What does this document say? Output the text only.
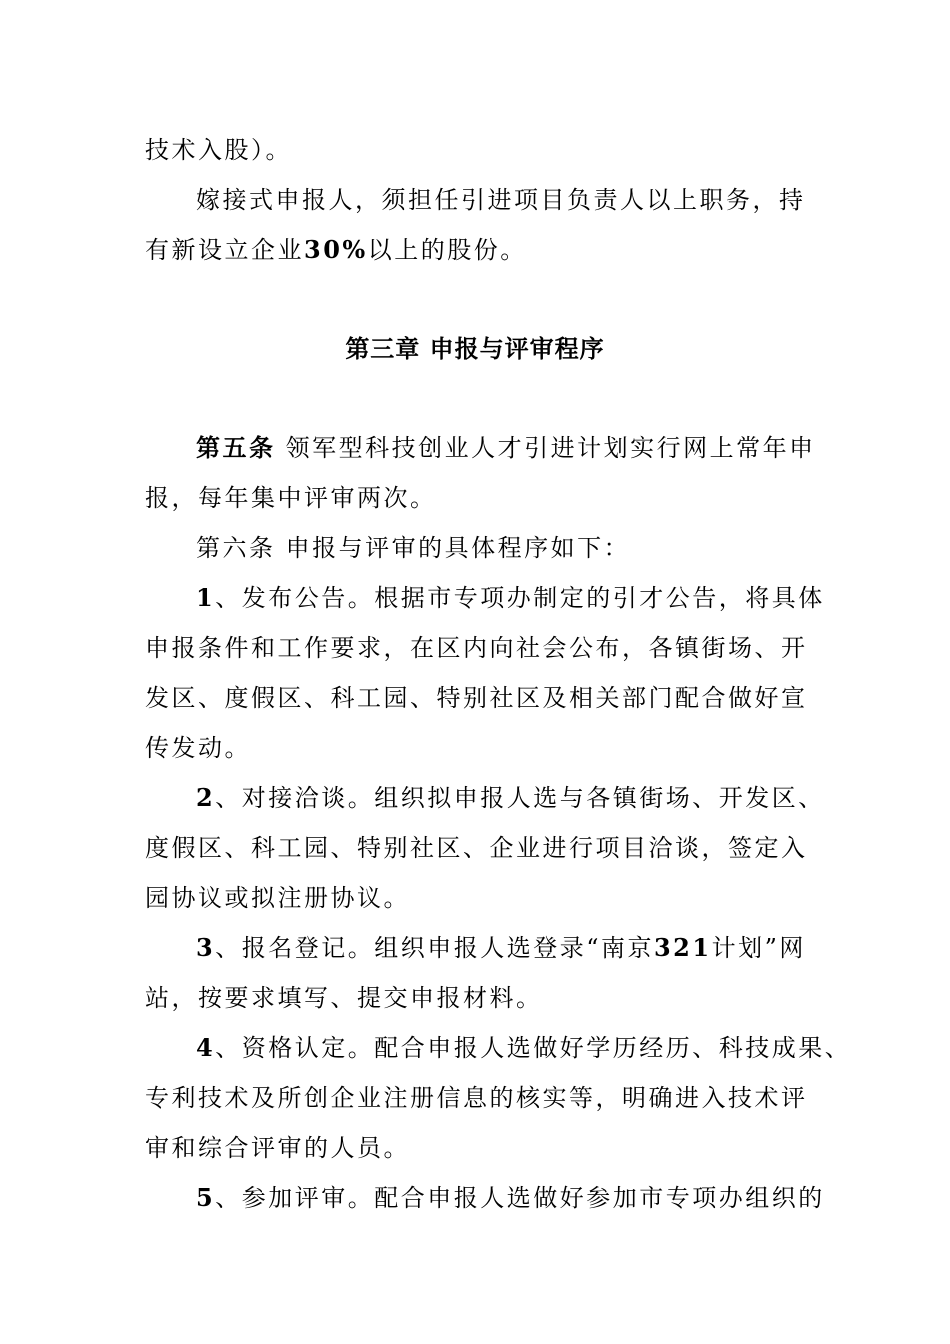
技术入股）。
嫁接式申报人，须担任引进项目负责人以上职务，持
有新设立企业30%以上的股份。
第三章 申报与评审程序
第五条 领军型科技创业人才引进计划实行网上常年申
报，每年集中评审两次。
第六条 申报与评审的具体程序如下：
1、发布公告。根据市专项办制定的引才公告，将具体
申报条件和工作要求，在区内向社会公布，各镇街场、开
发区、度假区、科工园、特别社区及相关部门配合做好宣
传发动。
2、对接洽谈。组织拟申报人选与各镇街场、开发区、
度假区、科工园、特别社区、企业进行项目洽谈，签定入
园协议或拟注册协议。
3、报名登记。组织申报人选登录“南京321计划”网
站，按要求填写、提交申报材料。
4、资格认定。配合申报人选做好学历经历、科技成果、
专利技术及所创企业注册信息的核实等，明确进入技术评
审和综合评审的人员。
5、参加评审。配合申报人选做好参加市专项办组织的
